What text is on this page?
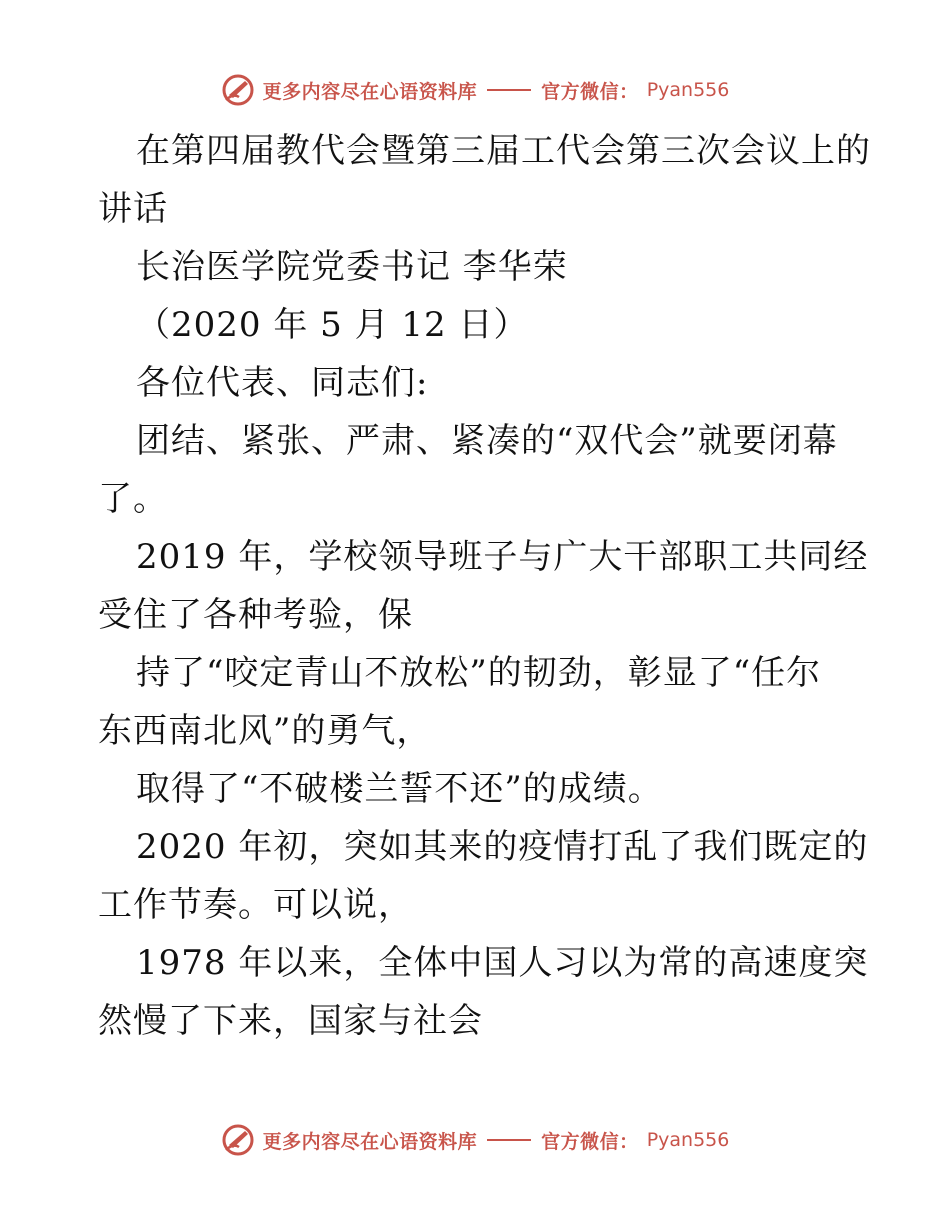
更多内容尽在心语资料库	官方微信： Pyan556

在第四届教代会暨第三届工代会第三次会议上的

讲话

长治医学院党委书记 李华荣

（2020 年 5 月 12 日）

各位代表、同志们:

团结、紧张、严肃、紧凑的“双代会”就要闭幕

了。

2019 年，学校领导班子与广大干部职工共同经

受住了各种考验，保

持了“咬定青山不放松”的韧劲，彰显了“任尔

东西南北风”的勇气，

取得了“不破楼兰誓不还”的成绩。

2020 年初，突如其来的疫情打乱了我们既定的

工作节奏。可以说，

1978 年以来，全体中国人习以为常的高速度突

然慢了下来，国家与社会

更多内容尽在心语资料库	官方微信： Pyan556
